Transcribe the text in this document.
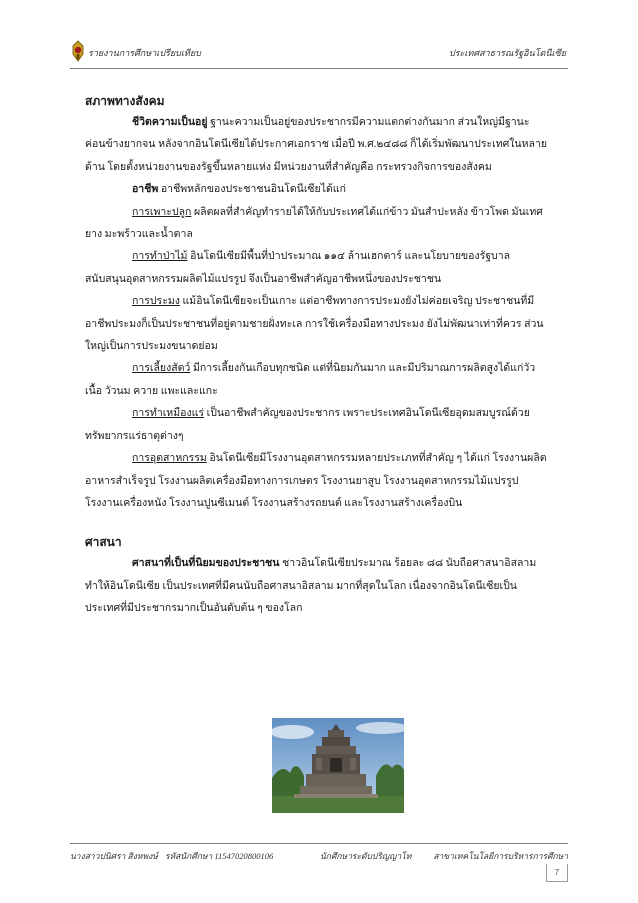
รายงานการศึกษาเปรียบเทียบ	ประเทศสาธารณรัฐอินโดนีเซีย
สภาพทางสังคม
ชีวิตความเป็นอยู่ ฐานะความเป็นอยู่ของประชากรมีความแตกต่างกันมาก ส่วนใหญ่มีฐานะ
ค่อนข้างยากจน หลังจากอินโดนีเซียได้ประกาศเอกราช เมื่อปี พ.ศ.๒๔๘๘ ก็ได้เริ่มพัฒนาประเทศในหลาย
ด้าน โดยตั้งหน่วยงานของรัฐขึ้นหลายแห่ง มีหน่วยงานที่สำคัญคือ กระทรวงกิจการของสังคม
อาชีพ อาชีพหลักของประชาชนอินโดนีเซียได้แก่
การเพาะปลูก ผลิตผลที่สำคัญทำรายได้ให้กับประเทศได้แก่ข้าว มันสำปะหลัง ข้าวโพด มันเทศ
ยาง มะพร้าวและน้ำตาล
การทำป่าไม้ อินโดนีเซียมีพื้นที่ป่าประมาณ ๑๑๔ ล้านเฮกตาร์ และนโยบายของรัฐบาล
สนับสนุนอุตสาหกรรมผลิตไม้แปรรูป จึงเป็นอาชีพสำคัญอาชีพหนึ่งของประชาชน
การประมง แม้อินโดนีเซียจะเป็นเกาะ แต่อาชีพทางการประมงยังไม่ค่อยเจริญ ประชาชนที่มี
อาชีพประมงก็เป็นประชาชนที่อยู่ตามชายฝั่งทะเล การใช้เครื่องมือทางประมง ยังไม่พัฒนาเท่าที่ควร ส่วน
ใหญ่เป็นการประมงขนาดย่อม
การเลี้ยงสัตว์ มีการเลี้ยงกันเกือบทุกชนิด แต่ที่นิยมกันมาก และมีปริมาณการผลิตสูงได้แก่วัว
เนื้อ วัวนม ควาย แพะและแกะ
การทำเหมืองแร่ เป็นอาชีพสำคัญของประชากร เพราะประเทศอินโดนีเซียอุดมสมบูรณ์ด้วย
ทรัพยากรแร่ธาตุต่างๆ
การอุตสาหกรรม อินโดนีเซียมีโรงงานอุตสาหกรรมหลายประเภทที่สำคัญ ๆ ได้แก่ โรงงานผลิต
อาหารสำเร็จรูป โรงงานผลิตเครื่องมือทางการเกษตร โรงงานยาสูบ โรงงานอุตสาหกรรมไม้แปรรูป
โรงงานเครื่องหนัง โรงงานปูนซีเมนต์ โรงงานสร้างรถยนต์ และโรงงานสร้างเครื่องบิน
ศาสนา
ศาสนาที่เป็นที่นิยมของประชาชน ชาวอินโดนีเซียประมาณ ร้อยละ ๘๘ นับถือศาสนาอิสลาม
ทำให้อินโดนีเซีย เป็นประเทศที่มีคนนับถือศาสนาอิสลาม มากที่สุดในโลก เนื่องจากอินโดนีเซียเป็น
ประเทศที่มีประชากรมากเป็นอันดับต้น ๆ ของโลก
นางสาวปนิศรา สิงหพงษ์ รหัสนักศึกษา 115470208001​06	นักศึกษาระดับปริญญาโท	สาขาเทคโนโลยีการบริหารการศึกษา
7
